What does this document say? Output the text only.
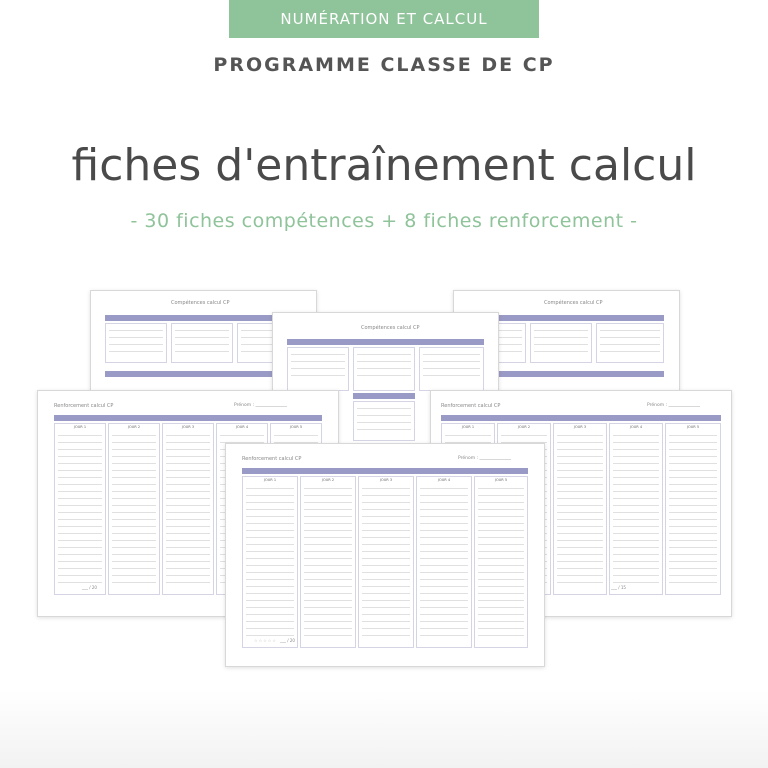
NUMÉRATION ET CALCUL
PROGRAMME CLASSE DE CP
fiches d'entraînement calcul
- 30 fiches compétences + 8 fiches renforcement -
Compétences calcul CP	Compétences calcul CP
Compétences calcul CP
Renforcement calcul CP	Prénom : ______________
JOUR 1	JOUR 2	JOUR 3	JOUR 4	JOUR 5
___ / 20
Renforcement calcul CP	Prénom : ______________
JOUR 1	JOUR 2	JOUR 3	JOUR 4	JOUR 5
___ / 15
Renforcement calcul CP	Prénom : ______________
JOUR 1	JOUR 2	JOUR 3	JOUR 4	JOUR 5
☆☆☆☆☆ ___ / 20
